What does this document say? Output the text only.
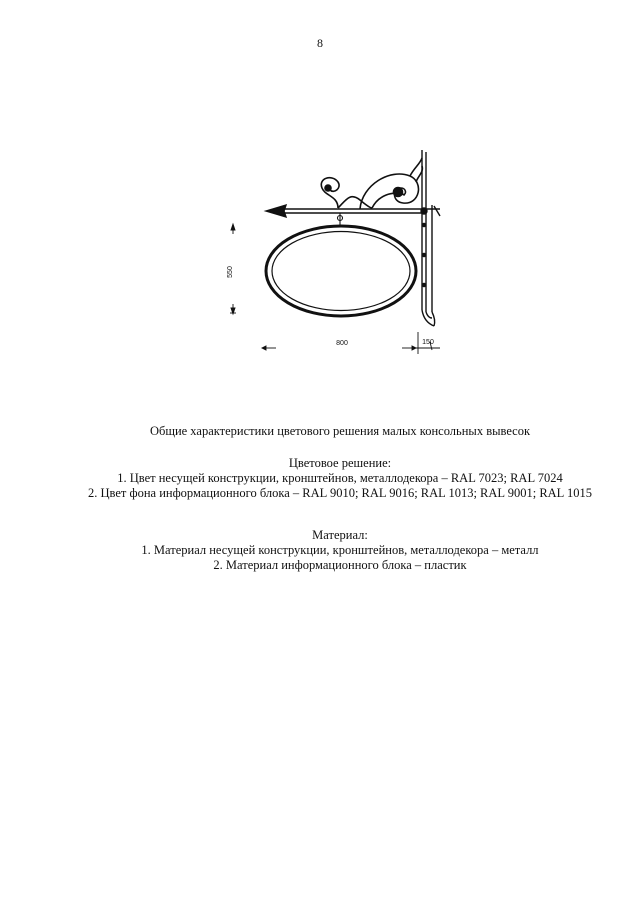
8
550
800	150

Общие характеристики цветового решения малых консольных вывесок

Цветовое решение:

1. Цвет несущей конструкции, кронштейнов, металлодекора – RAL 7023; RAL 7024

2. Цвет фона информационного блока – RAL 9010; RAL 9016; RAL 1013; RAL 9001; RAL 1015

Материал:

1. Материал несущей конструкции, кронштейнов, металлодекора – металл

2. Материал информационного блока – пластик
